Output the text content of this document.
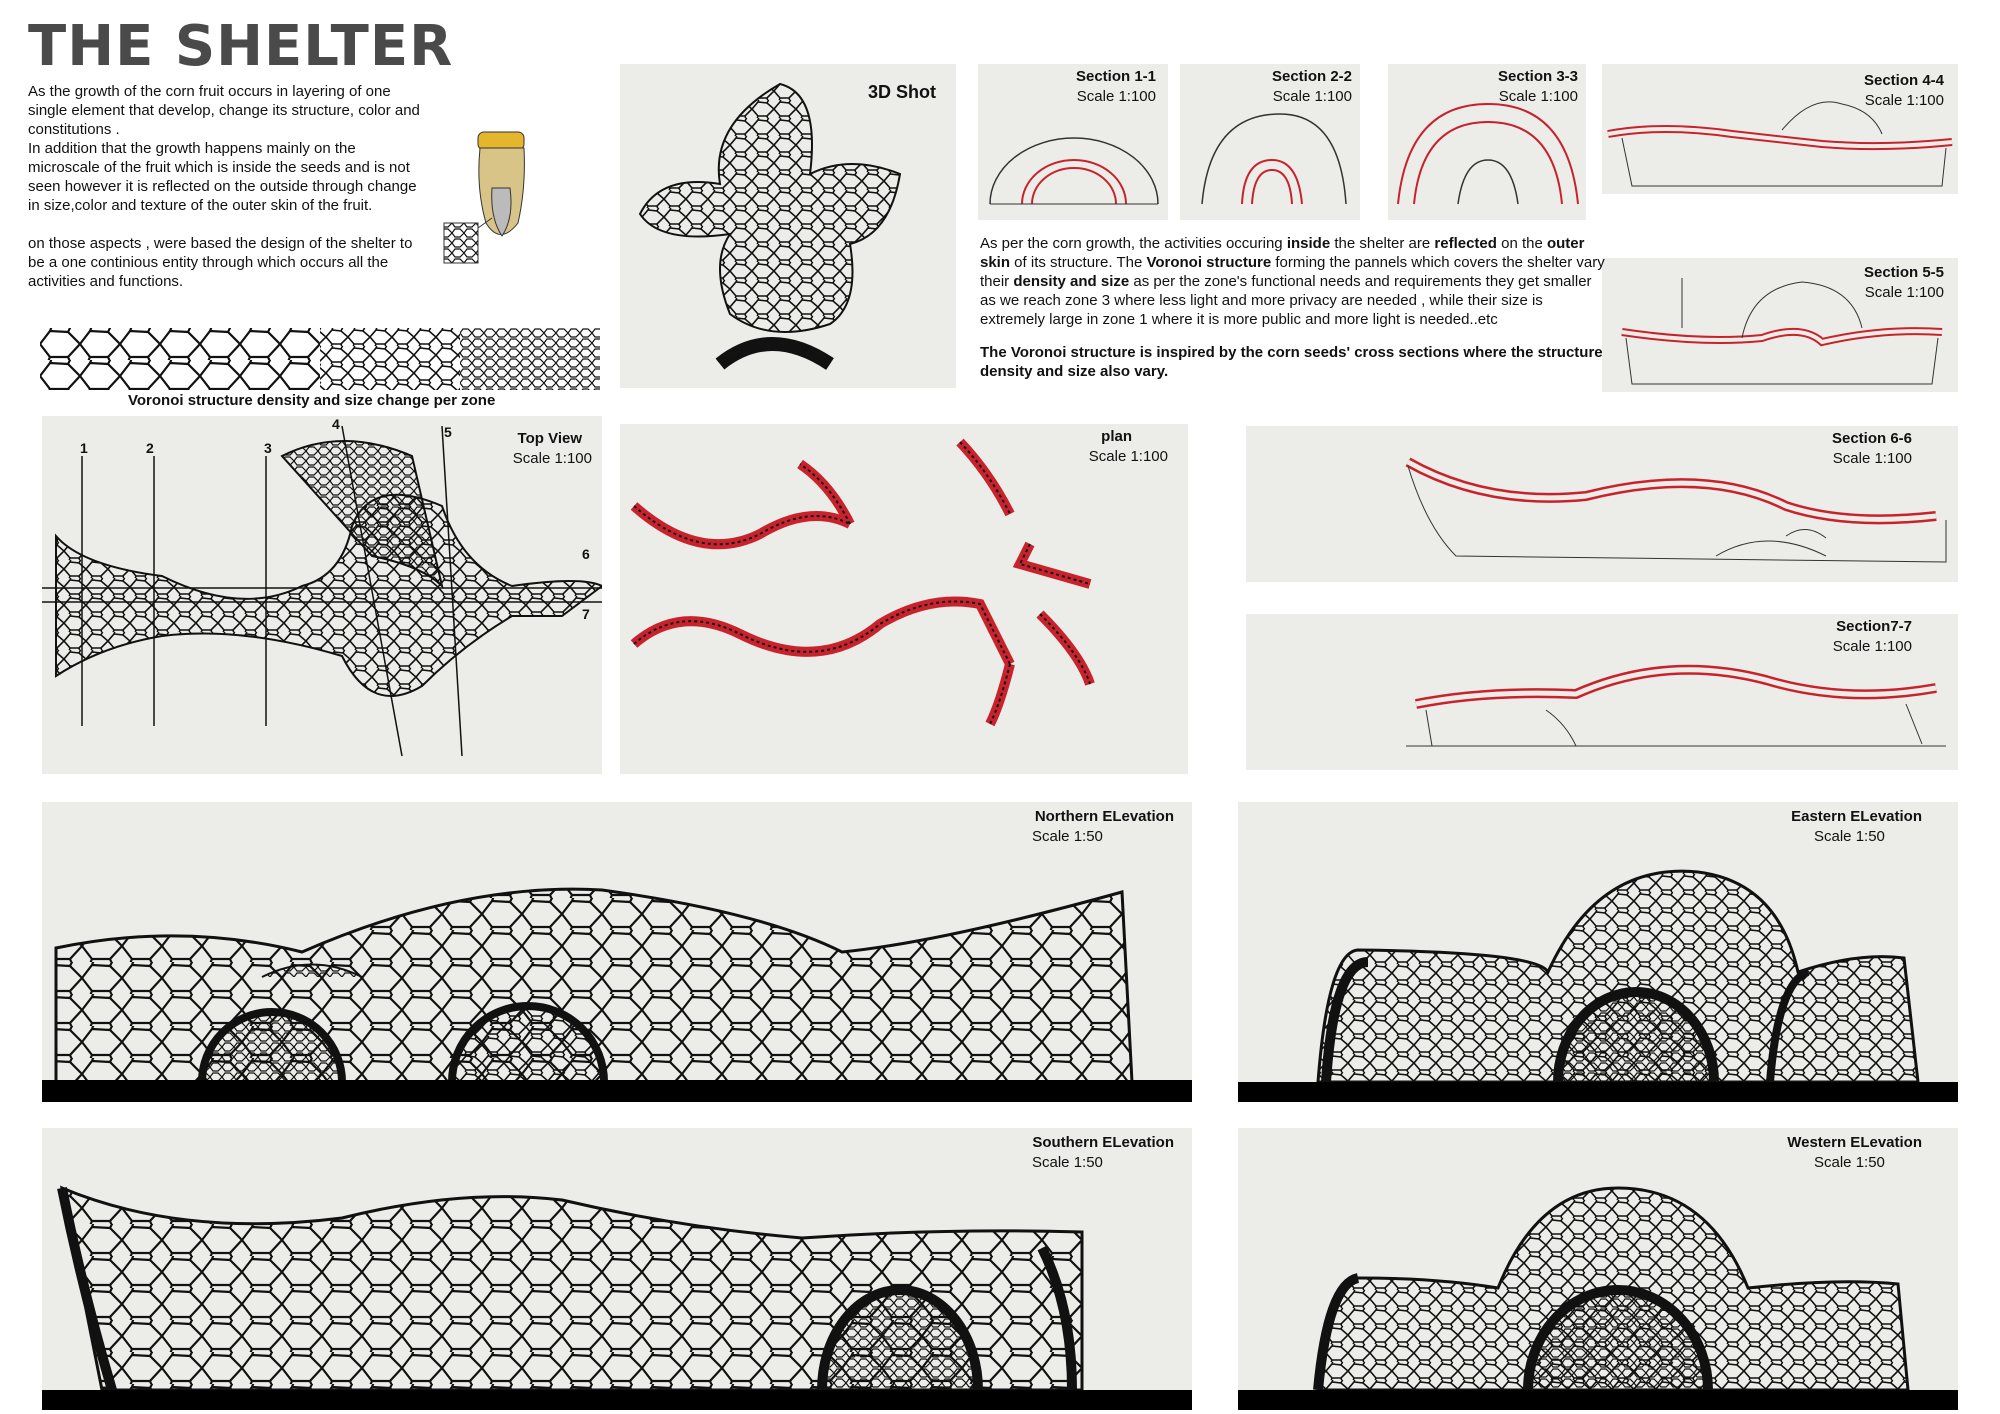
THE SHELTER

As the growth of the corn fruit occurs in layering of one single element that develop, change its structure, color and constitutions .
In addition that the growth happens mainly on the microscale of the fruit which is inside the seeds and is not seen however it is reflected on the outside through change in size,color and texture of the outer skin of the fruit.

on those aspects , were based the design of the shelter to be a one continious entity through which occurs all the activities and functions.

Voronoi structure density and size change per zone
3D Shot
Section 1-1
Scale 1:100
Section 2-2
Scale 1:100
Section 3-3
Scale 1:100
Section 4-4
Scale 1:100
Section 5-5
Scale 1:100

As per the corn growth, the activities occuring inside the shelter are reflected on the outer skin of its structure. The Voronoi structure forming the pannels which covers the shelter vary their density and size as per the zone's functional needs and requirements they get smaller as we reach zone 3 where less light and more privacy are needed , while their size is extremely large in zone 1 where it is more public and more light is needed..etc

The Voronoi structure is inspired by the corn seeds' cross sections where the structure density and size also vary.

Top View
Scale 1:100
1	2	3
4	5
6
7
plan
Scale 1:100
Section 6-6
Scale 1:100
Section7-7
Scale 1:100
Northern ELevation
Scale 1:50
Eastern ELevation
Scale 1:50
Southern ELevation
Scale 1:50
Western ELevation
Scale 1:50
